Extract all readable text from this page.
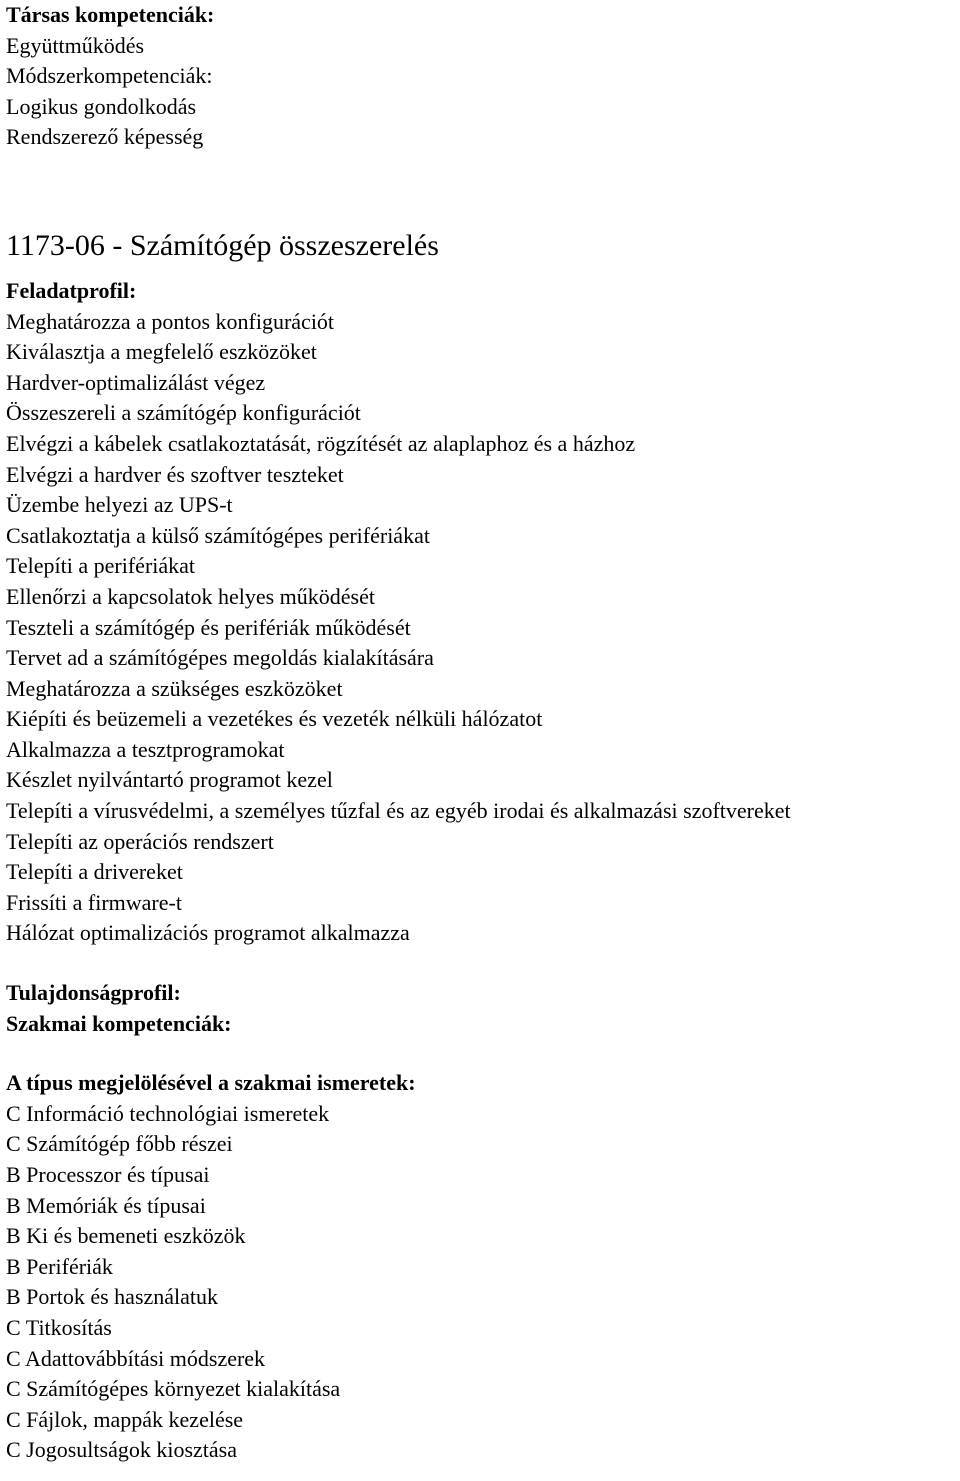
Társas kompetenciák:

Együttműködés

Módszerkompetenciák:

Logikus gondolkodás
Rendszerező képesség
1173-06 - Számítógép összeszerelés

Feladatprofil:

Meghatározza a pontos konfigurációt
Kiválasztja a megfelelő eszközöket
Hardver-optimalizálást végez
Összeszereli a számítógép konfigurációt
Elvégzi a kábelek csatlakoztatását, rögzítését az alaplaphoz és a házhoz
Elvégzi a hardver és szoftver teszteket
Üzembe helyezi az UPS-t
Csatlakoztatja a külső számítógépes perifériákat
Telepíti a perifériákat
Ellenőrzi a kapcsolatok helyes működését
Teszteli a számítógép és perifériák működését
Tervet ad a számítógépes megoldás kialakítására
Meghatározza a szükséges eszközöket
Kiépíti és beüzemeli a vezetékes és vezeték nélküli hálózatot
Alkalmazza a tesztprogramokat
Készlet nyilvántartó programot kezel
Telepíti a vírusvédelmi, a személyes tűzfal és az egyéb irodai és alkalmazási szoftvereket
Telepíti az operációs rendszert
Telepíti a drivereket
Frissíti a firmware-t
Hálózat optimalizációs programot alkalmazza

Tulajdonságprofil:

Szakmai kompetenciák:

A típus megjelölésével a szakmai ismeretek:

C Információ technológiai ismeretek
C Számítógép főbb részei
B Processzor és típusai
B Memóriák és típusai
B Ki és bemeneti eszközök
B Perifériák
B Portok és használatuk
C Titkosítás
C Adattovábbítási módszerek
C Számítógépes környezet kialakítása
C Fájlok, mappák kezelése
C Jogosultságok kiosztása
